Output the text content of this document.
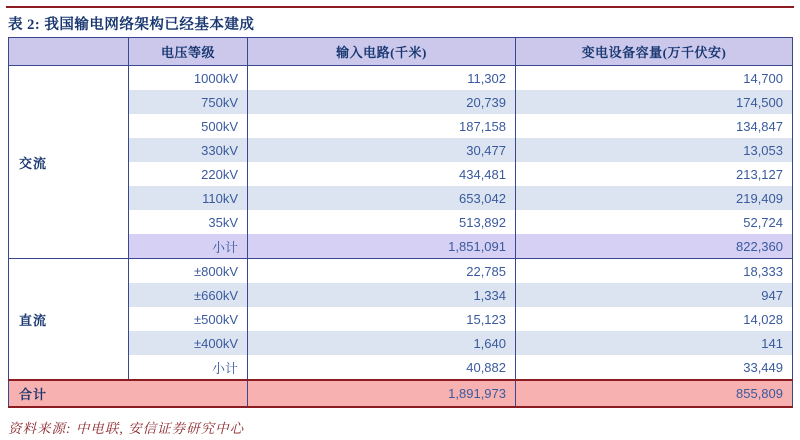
表 2: 我国输电网络架构已经基本建成
	电压等级	输入电路(千米)	变电设备容量(万千伏安)
交流	1000kV	11,302	14,700
	750kV	20,739	174,500
	500kV	187,158	134,847
	330kV	30,477	13,053
	220kV	434,481	213,127
	110kV	653,042	219,409
	35kV	513,892	52,724
	小计	1,851,091	822,360
直流	±800kV	22,785	18,333
	±660kV	1,334	947
	±500kV	15,123	14,028
	±400kV	1,640	141
	小计	40,882	33,449
合计		1,891,973	855,809
资料来源: 中电联, 安信证券研究中心
